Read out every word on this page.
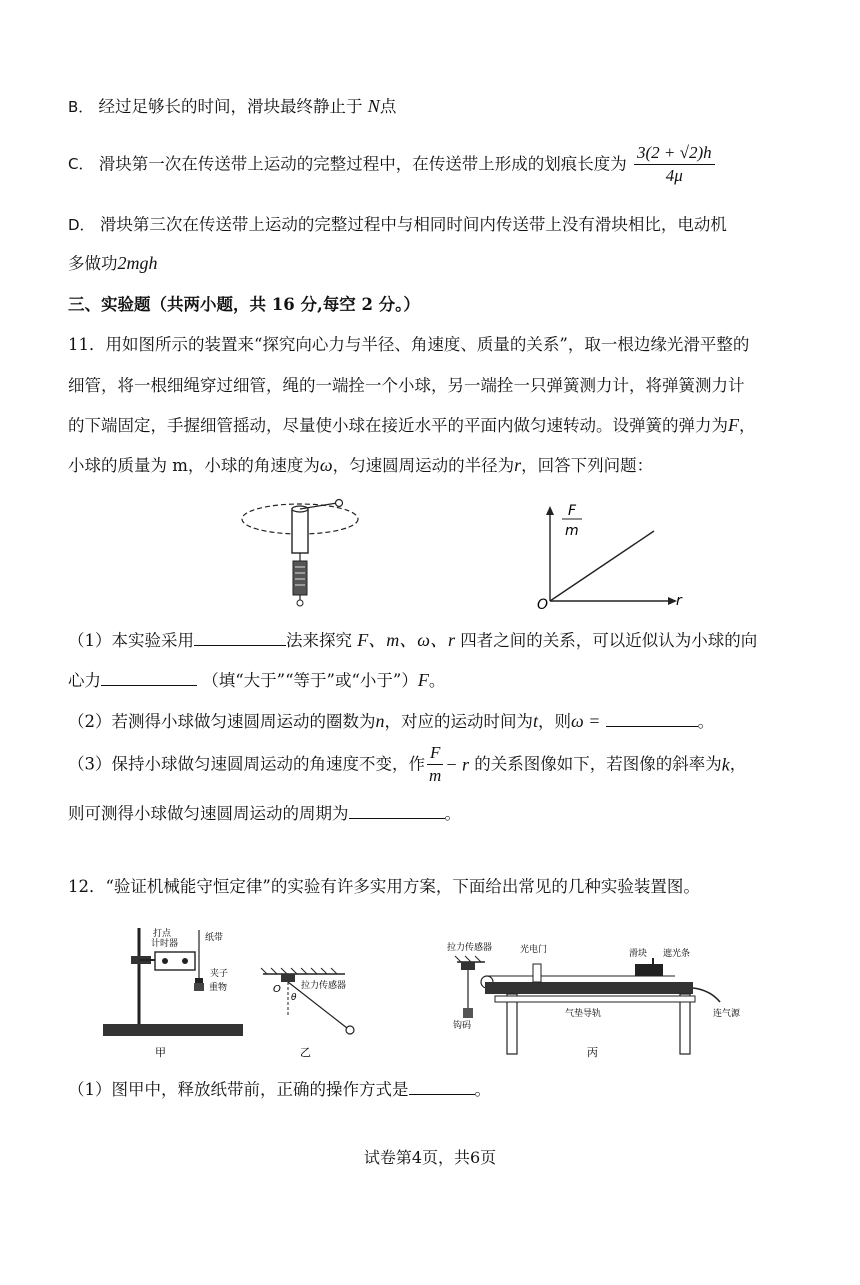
B． 经过足够长的时间，滑块最终静止于 N点
C． 滑块第一次在传送带上运动的完整过程中，在传送带上形成的划痕长度为 $\frac{3(2 + √2)h}{4\mu}$
D． 滑块第三次在传送带上运动的完整过程中与相同时间内传送带上没有滑块相比，电动机
多做功2mgh
三、实验题（共两小题，共 16 分,每空 2 分。）
11．用如图所示的装置来“探究向心力与半径、角速度、质量的关系”，取一根边缘光滑平整的
细管，将一根细绳穿过细管，绳的一端拴一个小球，另一端拴一只弹簧测力计，将弹簧测力计
的下端固定，手握细管摇动，尽量使小球在接近水平的平面内做匀速转动。设弹簧的弹力为F，
小球的质量为 m，小球的角速度为ω，匀速圆周运动的半径为r，回答下列问题：
F
m
O	r
（1）本实验采用	法来探究 F、m、ω、r 四者之间的关系，可以近似认为小球的向
心力	（填“大于”“等于”或“小于”）F。
（2）若测得小球做匀速圆周运动的圈数为n，对应的运动时间为t，则ω =	。
（3）保持小球做匀速圆周运动的角速度不变，作 $\frac{F}{m} - r$ 的关系图像如下，若图像的斜率为k，
则可测得小球做匀速圆周运动的周期为	。
12．“验证机械能守恒定律”的实验有许多实用方案，下面给出常见的几种实验装置图。
打点
计时器
纸带
夹子
重物
甲
拉力传感器
O
θ
乙
拉力传感器	光电门	滑块 遮光条
连气源
气垫导轨
钩码
丙
（1）图甲中，释放纸带前，正确的操作方式是	。
试卷第4页，共6页
